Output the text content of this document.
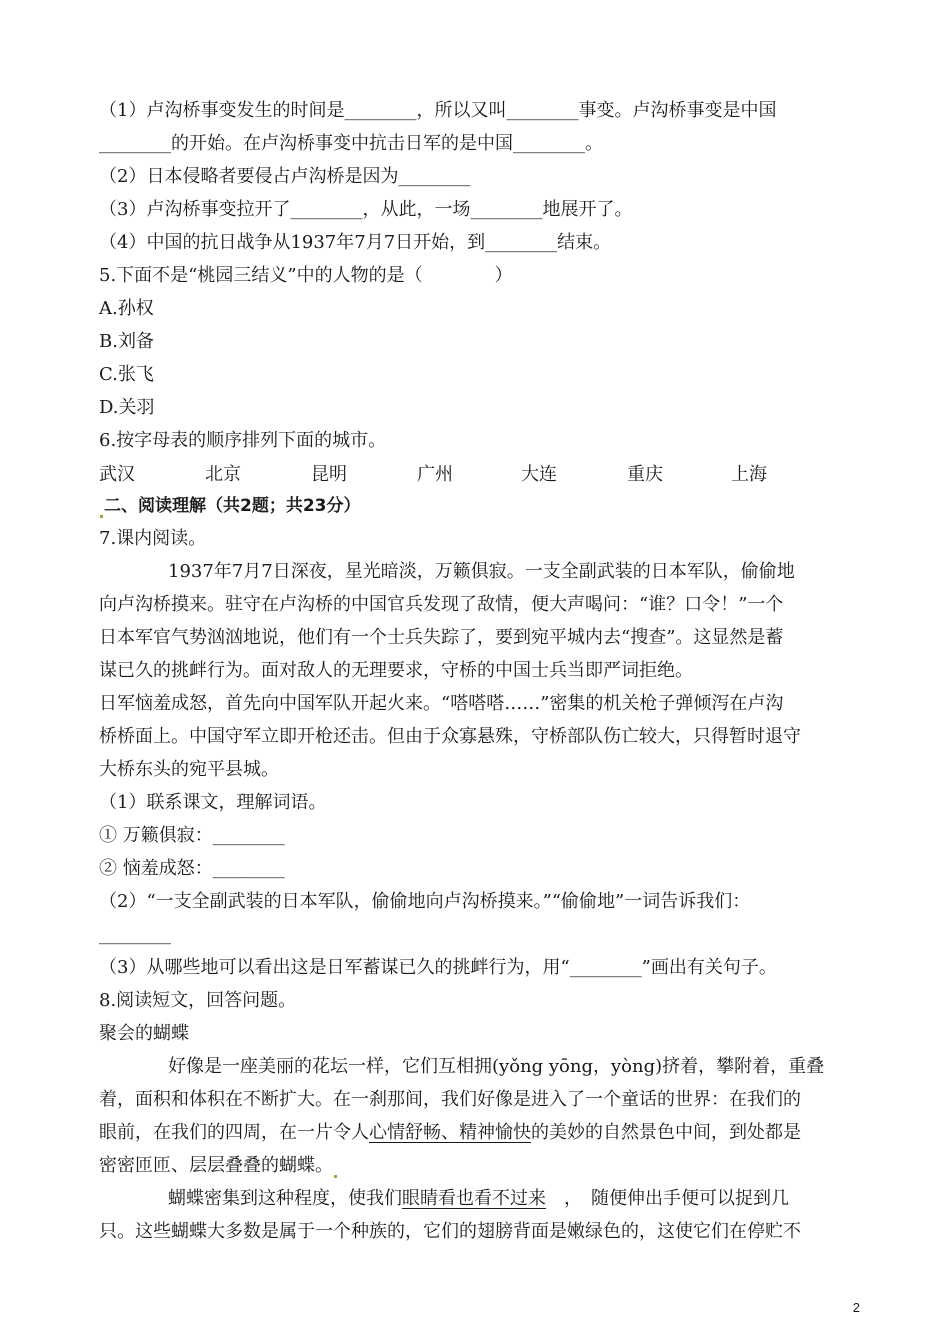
（1）卢沟桥事变发生的时间是________，所以又叫________事变。卢沟桥事变是中国
________的开始。在卢沟桥事变中抗击日军的是中国________。
（2）日本侵略者要侵占卢沟桥是因为________
（3）卢沟桥事变拉开了________，从此，一场________地展开了。
（4）中国的抗日战争从1937年7月7日开始，到________结束。
5.下面不是“桃园三结义”中的人物的是（　　　　）
A.孙权
B.刘备
C.张飞
D.关羽
6.按字母表的顺序排列下面的城市。
武汉	北京	昆明	广州	大连	重庆	上海
二、阅读理解（共2题；共23分）
7.课内阅读。
1937年7月7日深夜，星光暗淡，万籁俱寂。一支全副武装的日本军队，偷偷地
向卢沟桥摸来。驻守在卢沟桥的中国官兵发现了敌情，便大声喝问：“谁？口令！”一个
日本军官气势汹汹地说，他们有一个士兵失踪了，要到宛平城内去“搜查”。这显然是蓄
谋已久的挑衅行为。面对敌人的无理要求，守桥的中国士兵当即严词拒绝。
日军恼羞成怒，首先向中国军队开起火来。“嗒嗒嗒……”密集的机关枪子弹倾泻在卢沟
桥桥面上。中国守军立即开枪还击。但由于众寡悬殊，守桥部队伤亡较大，只得暂时退守
大桥东头的宛平县城。
（1）联系课文，理解词语。
① 万籁俱寂：________
② 恼羞成怒：________
（2）“一支全副武装的日本军队，偷偷地向卢沟桥摸来。”“偷偷地”一词告诉我们：
________
（3）从哪些地可以看出这是日军蓄谋已久的挑衅行为，用“________”画出有关句子。
8.阅读短文，回答问题。
聚会的蝴蝶
好像是一座美丽的花坛一样，它们互相拥(yǒng yōng，yòng)挤着，攀附着，重叠
着，面积和体积在不断扩大。在一刹那间，我们好像是进入了一个童话的世界：在我们的
眼前，在我们的四周，在一片令人心情舒畅、精神愉快的美妙的自然景色中间，到处都是
密密匝匝、层层叠叠的蝴蝶。
蝴蝶密集到这种程度，使我们眼睛看也看不过来　，　随便伸出手便可以捉到几
只。这些蝴蝶大多数是属于一个种族的，它们的翅膀背面是嫩绿色的，这使它们在停贮不
2
